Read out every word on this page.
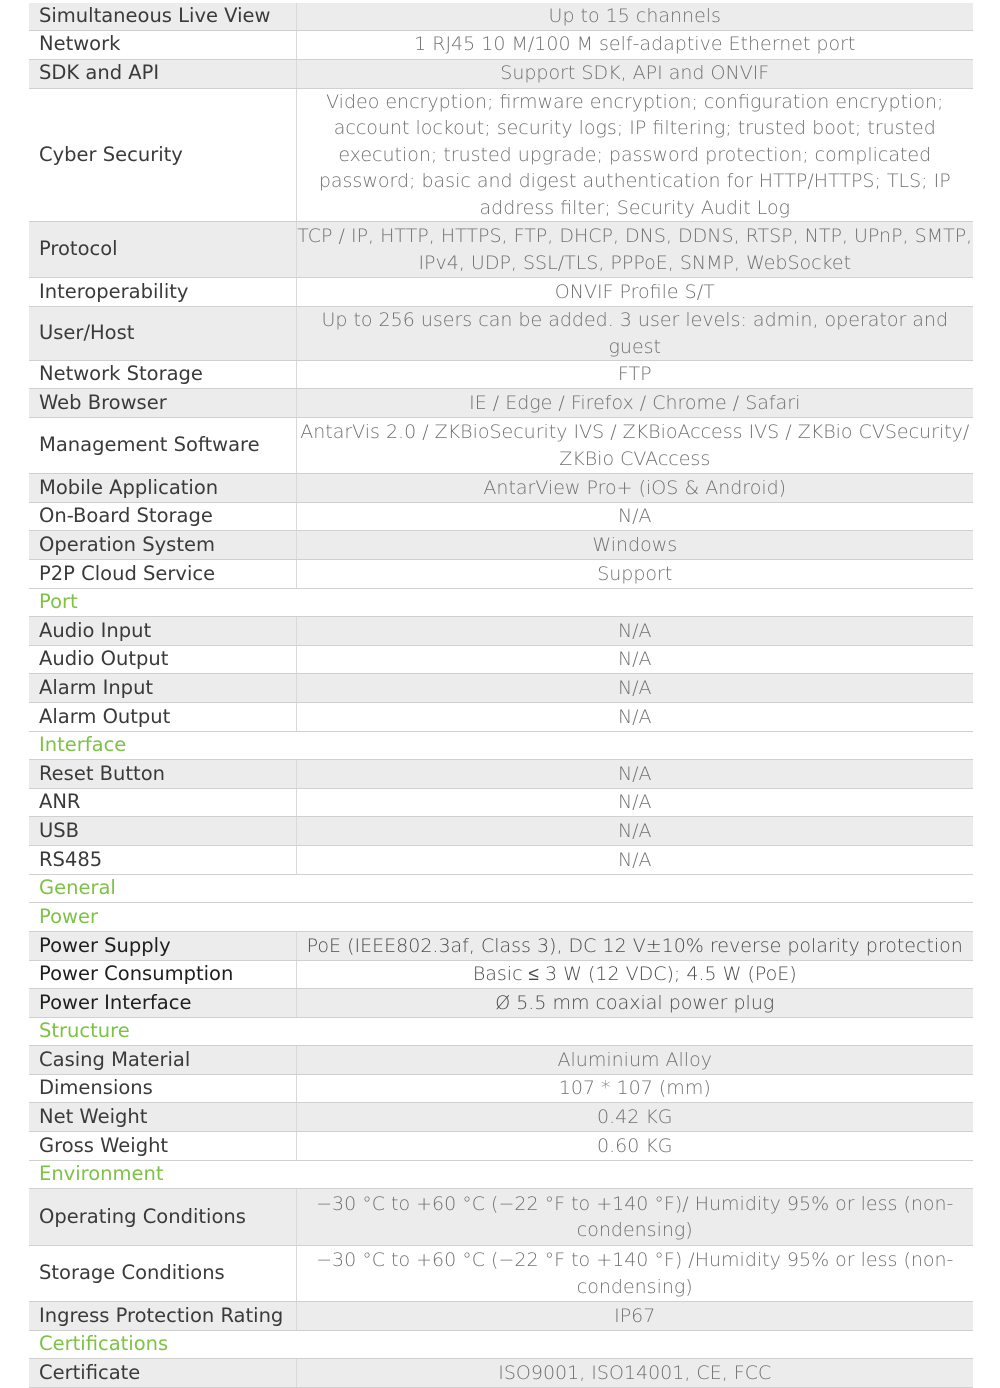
Simultaneous Live View	Up to 15 channels
Network	1 RJ45 10 M/100 M self-adaptive Ethernet port
SDK and API	Support SDK, API and ONVIF
Cyber Security	Video encryption; firmware encryption; configuration encryption; account lockout; security logs; IP filtering; trusted boot; trusted execution; trusted upgrade; password protection; complicated password; basic and digest authentication for HTTP/HTTPS; TLS; IP address filter; Security Audit Log
Protocol	TCP / IP, HTTP, HTTPS, FTP, DHCP, DNS, DDNS, RTSP, NTP, UPnP, SMTP, IPv4, UDP, SSL/TLS, PPPoE, SNMP, WebSocket
Interoperability	ONVIF Profile S/T
User/Host	Up to 256 users can be added. 3 user levels: admin, operator and guest
Network Storage	FTP
Web Browser	IE / Edge / Firefox / Chrome / Safari
Management Software	AntarVis 2.0 / ZKBioSecurity IVS / ZKBioAccess IVS / ZKBio CVSecurity/ ZKBio CVAccess
Mobile Application	AntarView Pro+ (iOS & Android)
On-Board Storage	N/A
Operation System	Windows
P2P Cloud Service	Support
Port	
Audio Input	N/A
Audio Output	N/A
Alarm Input	N/A
Alarm Output	N/A
Interface	
Reset Button	N/A
ANR	N/A
USB	N/A
RS485	N/A
General	
Power	
Power Supply	PoE (IEEE802.3af, Class 3), DC 12 V±10% reverse polarity protection
Power Consumption	Basic ≤ 3 W (12 VDC); 4.5 W (PoE)
Power Interface	Ø 5.5 mm coaxial power plug
Structure	
Casing Material	Aluminium Alloy
Dimensions	107 * 107 (mm)
Net Weight	0.42 KG
Gross Weight	0.60 KG
Environment	
Operating Conditions	−30 °C to +60 °C (−22 °F to +140 °F)/ Humidity 95% or less (non-condensing)
Storage Conditions	−30 °C to +60 °C (−22 °F to +140 °F) /Humidity 95% or less (non-condensing)
Ingress Protection Rating	IP67
Certifications	
Certificate	ISO9001, ISO14001, CE, FCC
